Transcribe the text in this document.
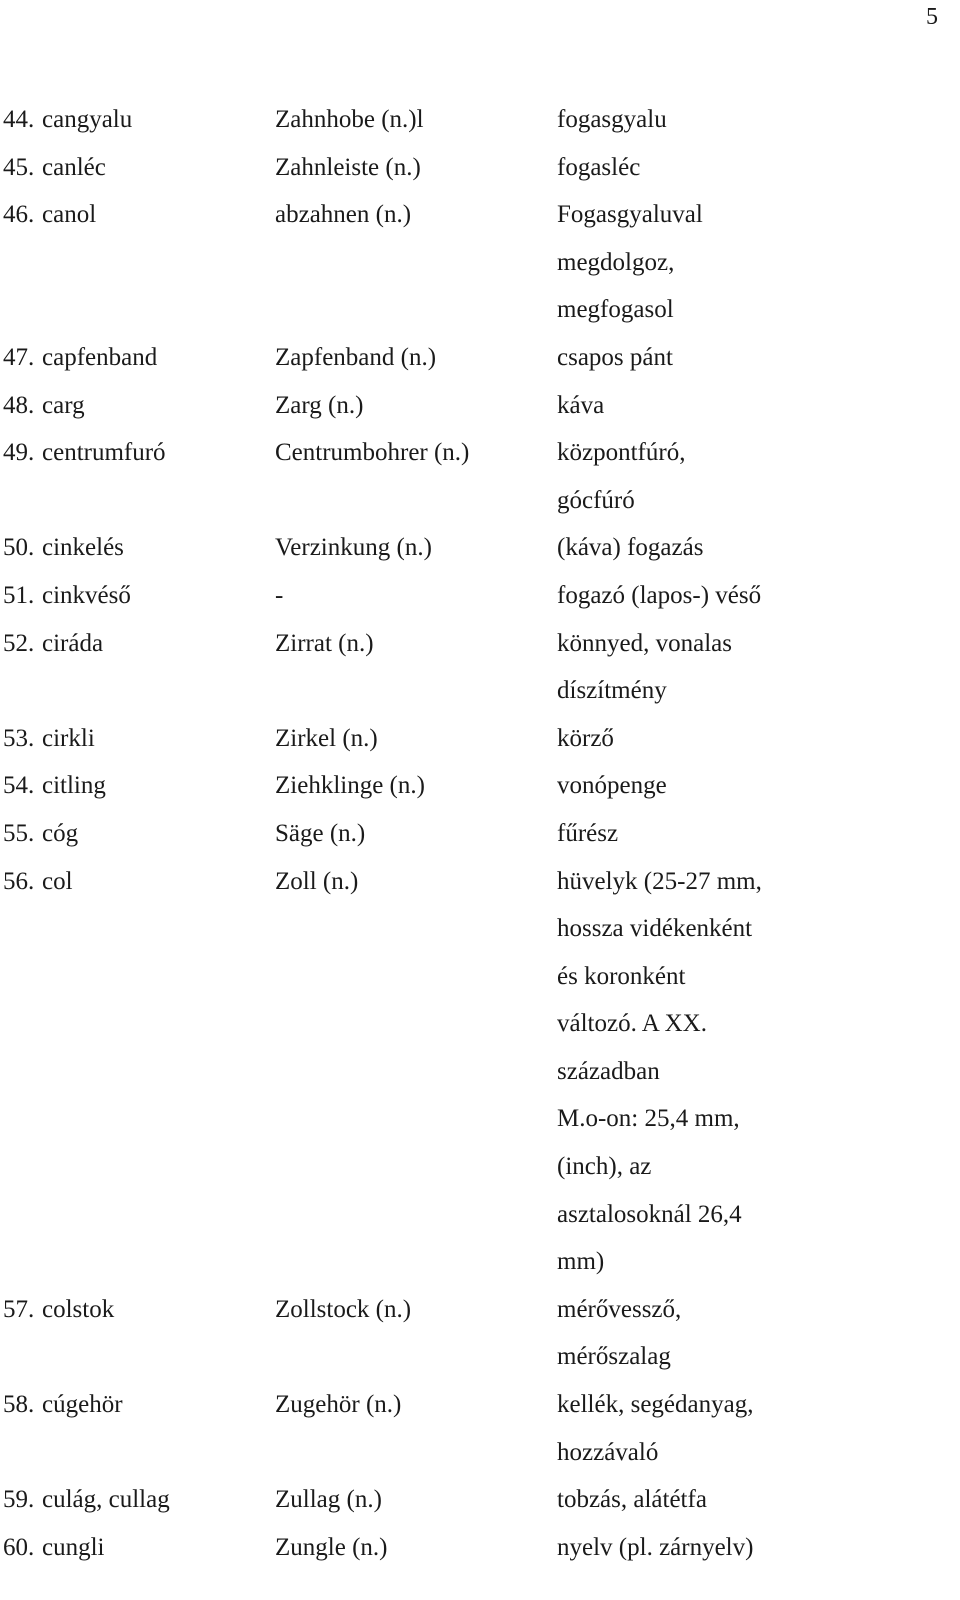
5
44. cangyalu	Zahnhobe (n.)l	fogasgyalu
45. canléc	Zahnleiste (n.)	fogasléc
46. canol	abzahnen (n.)	Fogasgyaluval
megdolgoz,
megfogasol
47. capfenband	Zapfenband (n.)	csapos pánt
48. carg	Zarg (n.)	káva
49. centrumfuró	Centrumbohrer (n.)	központfúró,
gócfúró
50. cinkelés	Verzinkung (n.)	(káva) fogazás
51. cinkvéső	-	fogazó (lapos-) véső
52. ciráda	Zirrat (n.)	könnyed, vonalas
díszítmény
53. cirkli	Zirkel (n.)	körző
54. citling	Ziehklinge (n.)	vonópenge
55. cóg	Säge (n.)	fűrész
56. col	Zoll (n.)	hüvelyk (25-27 mm,
hossza vidékenként
és koronként
változó. A XX.
században
M.o-on: 25,4 mm,
(inch), az
asztalosoknál 26,4
mm)
57. colstok	Zollstock (n.)	mérővessző,
mérőszalag
58. cúgehör	Zugehör (n.)	kellék, segédanyag,
hozzávaló
59. culág, cullag	Zullag (n.)	tobzás, alátétfa
60. cungli	Zungle (n.)	nyelv (pl. zárnyelv)
